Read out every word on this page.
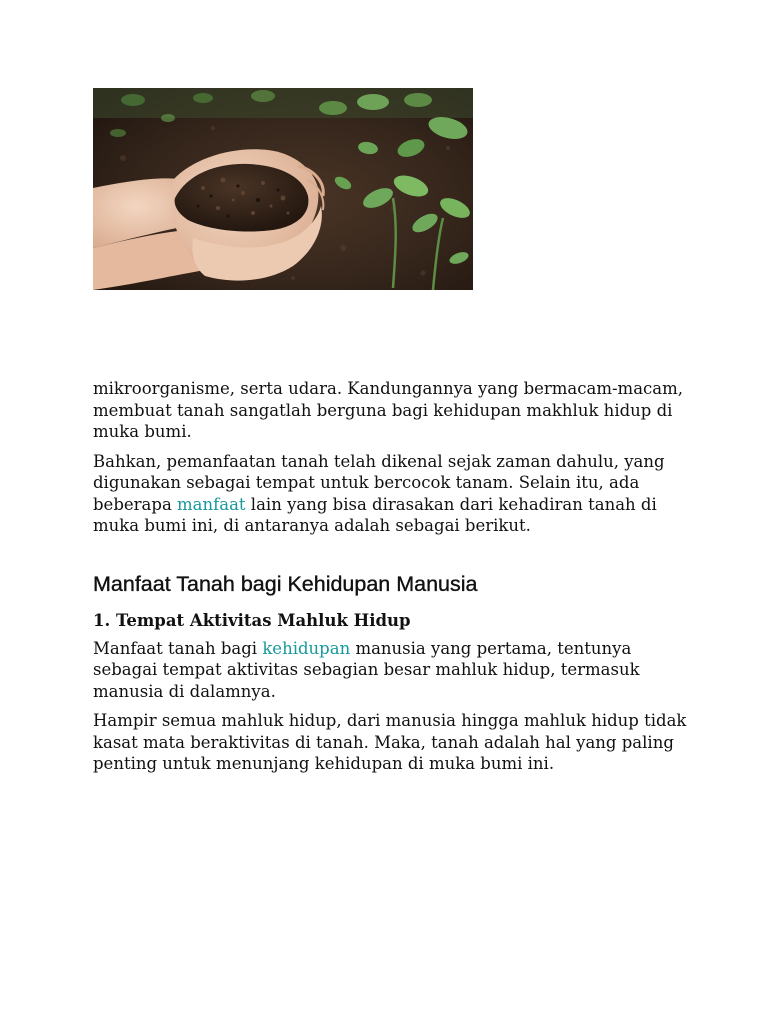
mikroorganisme, serta udara. Kandungannya yang bermacam-macam, membuat tanah sangatlah berguna bagi kehidupan makhluk hidup di muka bumi.

Bahkan, pemanfaatan tanah telah dikenal sejak zaman dahulu, yang digunakan sebagai tempat untuk bercocok tanam. Selain itu, ada beberapa manfaat lain yang bisa dirasakan dari kehadiran tanah di muka bumi ini, di antaranya adalah sebagai berikut.

Manfaat Tanah bagi Kehidupan Manusia
1. Tempat Aktivitas Mahluk Hidup

Manfaat tanah bagi kehidupan manusia yang pertama, tentunya sebagai tempat aktivitas sebagian besar mahluk hidup, termasuk manusia di dalamnya.

Hampir semua mahluk hidup, dari manusia hingga mahluk hidup tidak kasat mata beraktivitas di tanah. Maka, tanah adalah hal yang paling penting untuk menunjang kehidupan di muka bumi ini.
